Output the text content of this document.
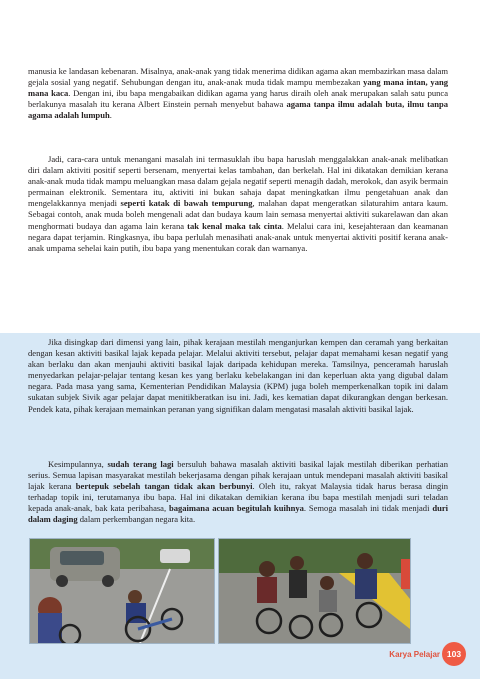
manusia ke landasan kebenaran. Misalnya, anak-anak yang tidak menerima didikan agama akan membazirkan masa dalam gejala sosial yang negatif. Sehubungan dengan itu, anak-anak muda tidak mampu membezakan yang mana intan, yang mana kaca. Dengan ini, ibu bapa mengabaikan didikan agama yang harus diraih oleh anak merupakan salah satu punca berlakunya masalah itu kerana Albert Einstein pernah menyebut bahawa agama tanpa ilmu adalah buta, ilmu tanpa agama adalah lumpuh.

Jadi, cara-cara untuk menangani masalah ini termasuklah ibu bapa haruslah menggalakkan anak-anak melibatkan diri dalam aktiviti positif seperti bersenam, menyertai kelas tambahan, dan berkelah. Hal ini dikatakan demikian kerana anak-anak muda tidak mampu meluangkan masa dalam gejala negatif seperti menagih dadah, merokok, dan asyik bermain permainan elektronik. Sementara itu, aktiviti ini bukan sahaja dapat meningkatkan ilmu pengetahuan anak dan mengelakkannya menjadi seperti katak di bawah tempurung, malahan dapat mengeratkan silaturahim antara kaum. Sebagai contoh, anak muda boleh mengenali adat dan budaya kaum lain semasa menyertai aktiviti sukarelawan dan akan menghormati budaya dan agama lain kerana tak kenal maka tak cinta. Melalui cara ini, kesejahteraan dan keamanan negara dapat terjamin. Ringkasnya, ibu bapa perlulah menasihati anak-anak untuk menyertai aktiviti positif kerana anak-anak umpama sehelai kain putih, ibu bapa yang menentukan corak dan warnanya.

Jika disingkap dari dimensi yang lain, pihak kerajaan mestilah menganjurkan kempen dan ceramah yang berkaitan dengan kesan aktiviti basikal lajak kepada pelajar. Melalui aktiviti tersebut, pelajar dapat memahami kesan negatif yang akan berlaku dan akan menjauhi aktiviti basikal lajak daripada kehidupan mereka. Tamsilnya, penceramah haruslah menyedarkan pelajar-pelajar tentang kesan kes yang berlaku kebelakangan ini dan keperluan akta yang digubal dalam negara. Pada masa yang sama, Kementerian Pendidikan Malaysia (KPM) juga boleh memperkenalkan topik ini dalam sukatan subjek Sivik agar pelajar dapat menitikberatkan isu ini. Jadi, kes kematian dapat dikurangkan dengan berkesan. Pendek kata, pihak kerajaan memainkan peranan yang signifikan dalam mengatasi masalah aktiviti basikal lajak.

Kesimpulannya, sudah terang lagi bersuluh bahawa masalah aktiviti basikal lajak mestilah diberikan perhatian serius. Semua lapisan masyarakat mestilah bekerjasama dengan pihak kerajaan untuk mendepani masalah aktiviti basikal lajak kerana bertepuk sebelah tangan tidak akan berbunyi. Oleh itu, rakyat Malaysia tidak harus berasa dingin terhadap topik ini, terutamanya ibu bapa. Hal ini dikatakan demikian kerana ibu bapa mestilah menjadi suri teladan kepada anak-anak, bak kata peribahasa, bagaimana acuan begitulah kuihnya. Semoga masalah ini tidak menjadi duri dalam daging dalam perkembangan negara kita.

Karya Pelajar 103
